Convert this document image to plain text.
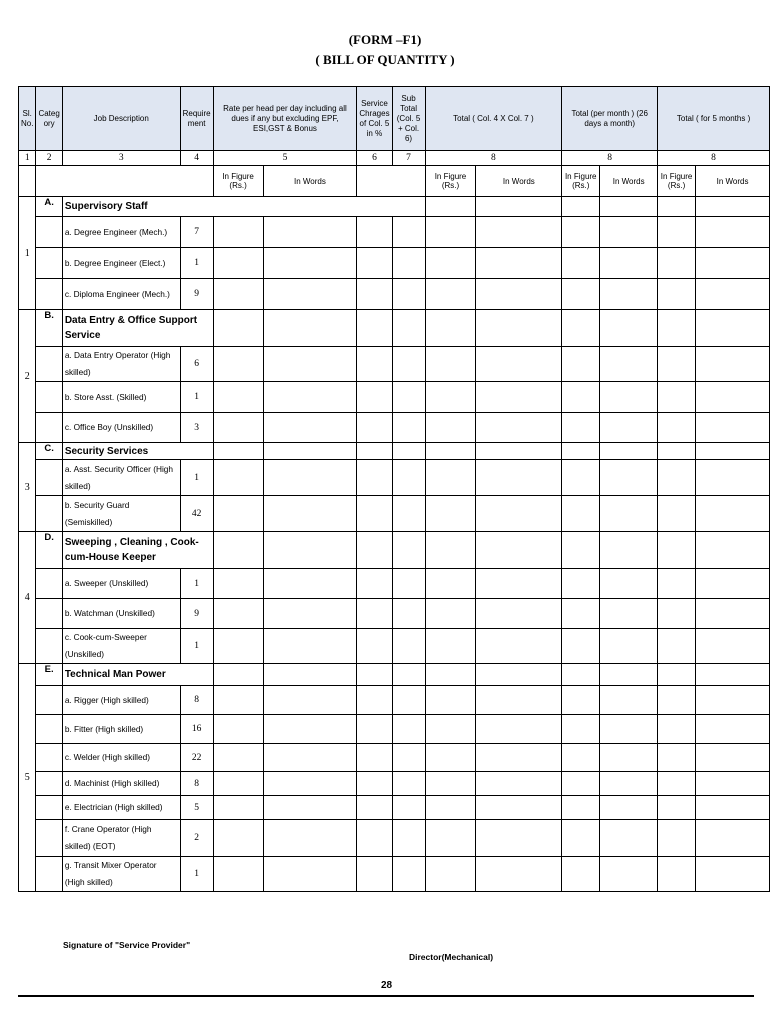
(FORM –F1)
( BILL OF QUANTITY )
Sl. No.	Categ ory	Job Description	Require ment	Rate per head per day including all dues if any but excluding EPF, ESI,GST & Bonus		Service Chrages of Col. 5 in %	Sub Total (Col. 5 + Col. 6)	Total ( Col. 4 X Col. 7 )		Total (per month ) (26 days a month)		Total ( for 5 months )	
1	2	3	4	5		6	7	8		8		8	
				In Figure (Rs.)	In Words			In Figure (Rs.)	In Words	In Figure (Rs.)	In Words	In Figure (Rs.)	In Words
1	A.	Supervisory Staff											
		a. Degree Engineer (Mech.)	7										
		b. Degree Engineer (Elect.)	1										
		c. Diploma Engineer (Mech.)	9										
2	B.	Data Entry & Office Support Service											
		a. Data Entry Operator (High skilled)	6										
		b. Store Asst. (Skilled)	1										
		c. Office Boy (Unskilled)	3										
3	C.	Security Services											
		a. Asst. Security Officer (High skilled)	1										
		b. Security Guard (Semiskilled)	42										
4	D.	Sweeping , Cleaning , Cook-cum-House Keeper											
		a. Sweeper (Unskilled)	1										
		b. Watchman (Unskilled)	9										
		c. Cook-cum-Sweeper (Unskilled)	1										
5	E.	Technical Man Power											
		a. Rigger (High skilled)	8										
		b. Fitter (High skilled)	16										
		c. Welder (High skilled)	22										
		d. Machinist (High skilled)	8										
		e. Electrician (High skilled)	5										
		f. Crane Operator (High skilled) (EOT)	2										
		g. Transit Mixer Operator (High skilled)	1										
Signature of "Service Provider"
Director(Mechanical)
28
